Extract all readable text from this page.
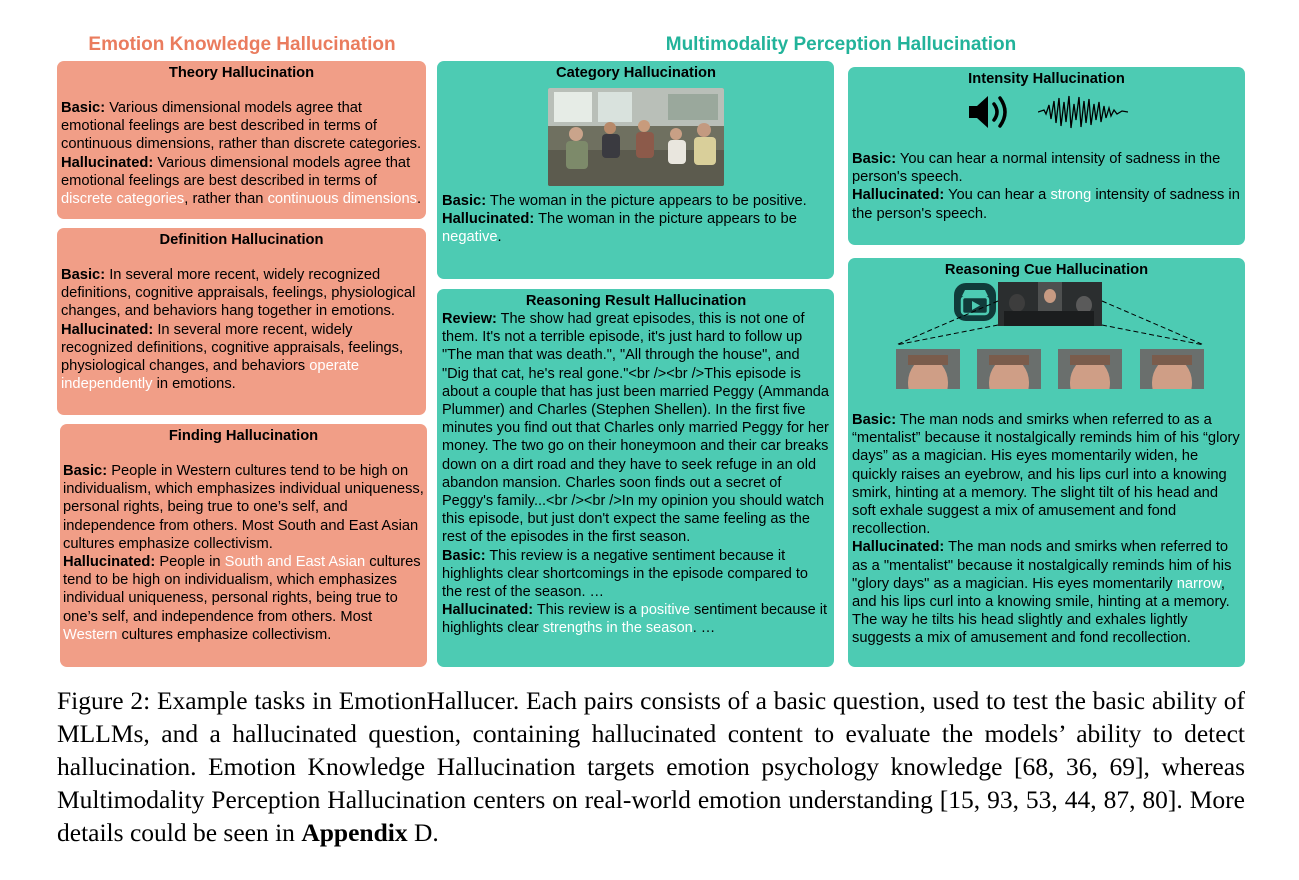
Emotion Knowledge Hallucination	Multimodality Perception Hallucination
Theory Hallucination

Basic: Various dimensional models agree that emotional feelings are best described in terms of continuous dimensions, rather than discrete categories.

Hallucinated: Various dimensional models agree that emotional feelings are best described in terms of discrete categories, rather than continuous dimensions.

Definition Hallucination

Basic: In several more recent, widely recognized definitions, cognitive appraisals, feelings, physiological changes, and behaviors hang together in emotions.

Hallucinated: In several more recent, widely recognized definitions, cognitive appraisals, feelings, physiological changes, and behaviors operate independently in emotions.

Finding Hallucination

Basic: People in Western cultures tend to be high on individualism, which emphasizes individual uniqueness, personal rights, being true to one’s self, and independence from others. Most South and East Asian cultures emphasize collectivism.

Hallucinated: People in South and East Asian cultures tend to be high on individualism, which emphasizes individual uniqueness, personal rights, being true to one’s self, and independence from others. Most Western cultures emphasize collectivism.

Category Hallucination

Basic: The woman in the picture appears to be positive.

Hallucinated: The woman in the picture appears to be negative.

Reasoning Result Hallucination

Review: The show had great episodes, this is not one of them. It's not a terrible episode, it's just hard to follow up "The man that was death.", "All through the house", and "Dig that cat, he's real gone."<br /><br />This episode is about a couple that has just been married Peggy (Ammanda Plummer) and Charles (Stephen Shellen). In the first five minutes you find out that Charles only married Peggy for her money. The two go on their honeymoon and their car breaks down on a dirt road and they have to seek refuge in an old abandon mansion. Charles soon finds out a secret of Peggy's family...<br /><br />In my opinion you should watch this episode, but just don't expect the same feeling as the rest of the episodes in the first season.

Basic: This review is a negative sentiment because it highlights clear shortcomings in the episode compared to the rest of the season. …

Hallucinated: This review is a positive sentiment because it highlights clear strengths in the season. …

Intensity Hallucination

Basic: You can hear a normal intensity of sadness in the person's speech.

Hallucinated: You can hear a strong intensity of sadness in the person's speech.

Reasoning Cue Hallucination

Basic: The man nods and smirks when referred to as a “mentalist” because it nostalgically reminds him of his “glory days” as a magician. His eyes momentarily widen, he quickly raises an eyebrow, and his lips curl into a knowing smirk, hinting at a memory. The slight tilt of his head and soft exhale suggest a mix of amusement and fond recollection.

Hallucinated: The man nods and smirks when referred to as a "mentalist" because it nostalgically reminds him of his "glory days" as a magician. His eyes momentarily narrow, and his lips curl into a knowing smile, hinting at a memory. The way he tilts his head slightly and exhales lightly suggests a mix of amusement and fond recollection.

Figure 2: Example tasks in EmotionHallucer. Each pairs consists of a basic question, used to test the basic ability of MLLMs, and a hallucinated question, containing hallucinated content to evaluate the models’ ability to detect hallucination. Emotion Knowledge Hallucination targets emotion psychology knowledge [68, 36, 69], whereas Multimodality Perception Hallucination centers on real-world emotion understanding [15, 93, 53, 44, 87, 80]. More details could be seen in Appendix D.
